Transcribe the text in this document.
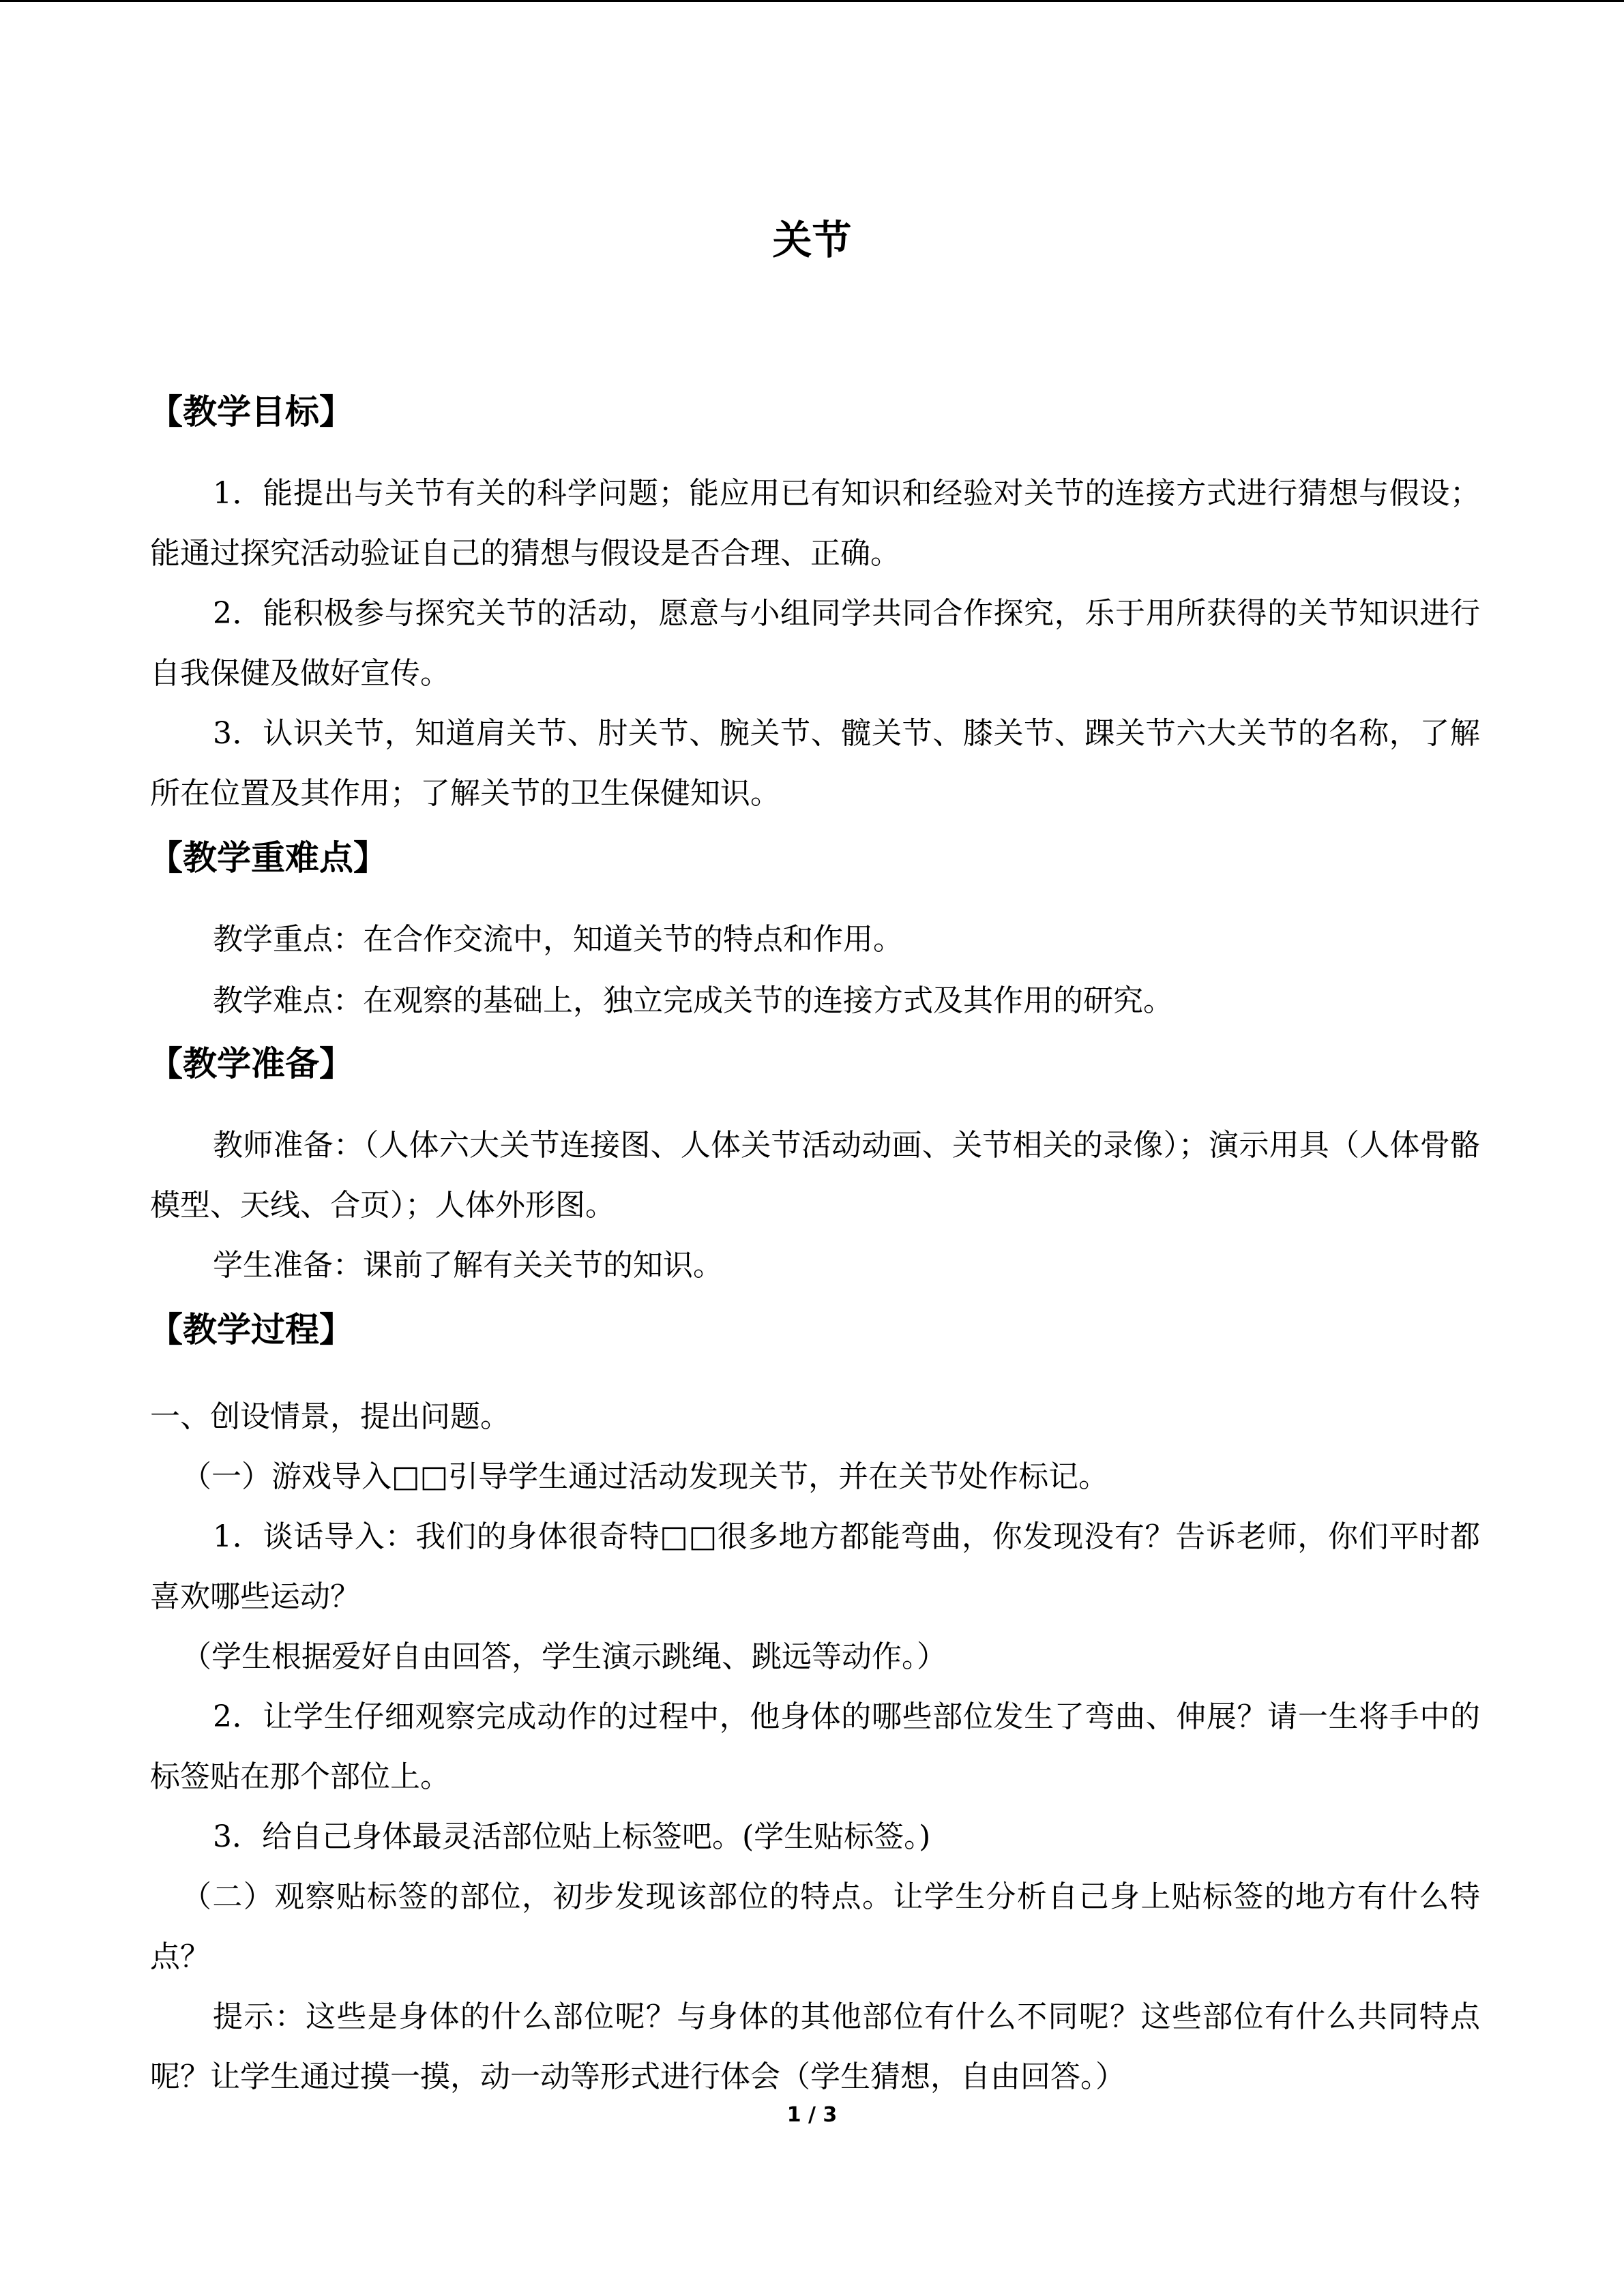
关节
【教学目标】
1．能提出与关节有关的科学问题；能应用已有知识和经验对关节的连接方式进行猜想与假设；能通过探究活动验证自己的猜想与假设是否合理、正确。
2．能积极参与探究关节的活动，愿意与小组同学共同合作探究，乐于用所获得的关节知识进行自我保健及做好宣传。
3．认识关节，知道肩关节、肘关节、腕关节、髋关节、膝关节、踝关节六大关节的名称，了解所在位置及其作用；了解关节的卫生保健知识。
【教学重难点】
教学重点：在合作交流中，知道关节的特点和作用。
教学难点：在观察的基础上，独立完成关节的连接方式及其作用的研究。
【教学准备】
教师准备：（人体六大关节连接图、人体关节活动动画、关节相关的录像）；演示用具（人体骨骼模型、天线、合页）；人体外形图。
学生准备：课前了解有关关节的知识。
【教学过程】
一、创设情景，提出问题。
（一）游戏导入□□引导学生通过活动发现关节，并在关节处作标记。
1．谈话导入：我们的身体很奇特□□很多地方都能弯曲，你发现没有？告诉老师，你们平时都喜欢哪些运动？
（学生根据爱好自由回答，学生演示跳绳、跳远等动作。）
2．让学生仔细观察完成动作的过程中，他身体的哪些部位发生了弯曲、伸展？请一生将手中的标签贴在那个部位上。
3．给自己身体最灵活部位贴上标签吧。(学生贴标签。)
（二）观察贴标签的部位，初步发现该部位的特点。让学生分析自己身上贴标签的地方有什么特点？
提示：这些是身体的什么部位呢？与身体的其他部位有什么不同呢？这些部位有什么共同特点呢？让学生通过摸一摸，动一动等形式进行体会（学生猜想，自由回答。）
1 / 3
